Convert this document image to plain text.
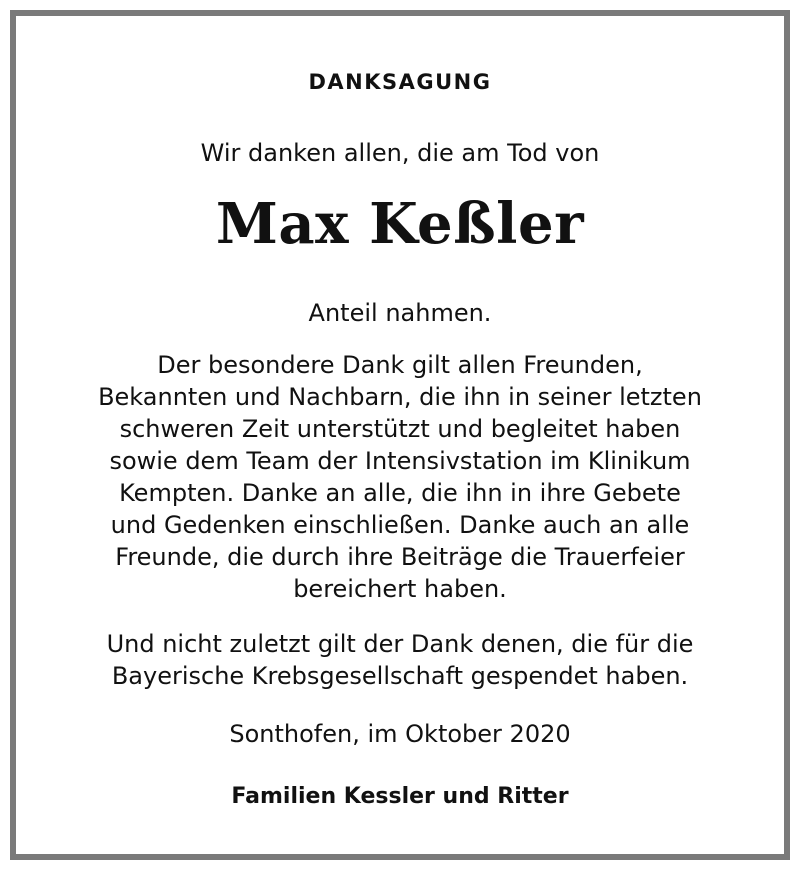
DANKSAGUNG
Wir danken allen, die am Tod von
Max Keßler
Anteil nahmen.
Der besondere Dank gilt allen Freunden,
Bekannten und Nachbarn, die ihn in seiner letzten
schweren Zeit unterstützt und begleitet haben
sowie dem Team der Intensivstation im Klinikum
Kempten. Danke an alle, die ihn in ihre Gebete
und Gedenken einschließen. Danke auch an alle
Freunde, die durch ihre Beiträge die Trauerfeier
bereichert haben.
Und nicht zuletzt gilt der Dank denen, die für die
Bayerische Krebsgesellschaft gespendet haben.
Sonthofen, im Oktober 2020
Familien Kessler und Ritter
